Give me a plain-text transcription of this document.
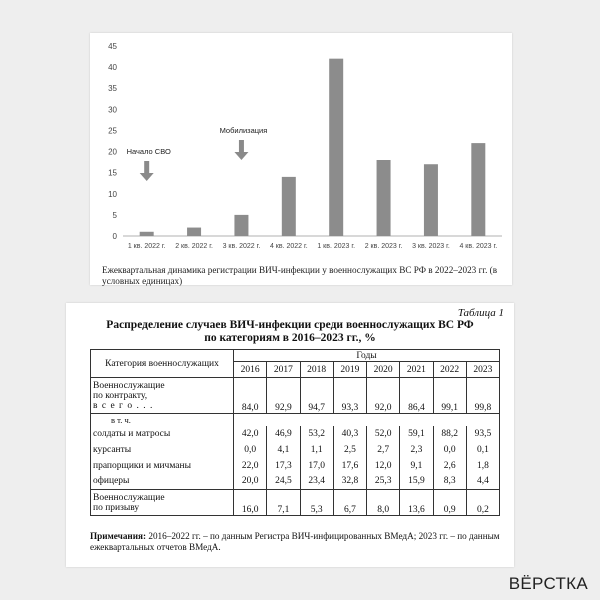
0
5
10
15
20
25
30
35
40
45
1 кв. 2022 г. 2 кв. 2022 г. 3 кв. 2022 г. 4 кв. 2022 г. 1 кв. 2023 г. 2 кв. 2023 г. 3 кв. 2023 г. 4 кв. 2023 г.
Начало СВО
Мобилизация
Ежеквартальная динамика регистрации ВИЧ-инфекции у военнослужащих ВС РФ в 2022–2023 гг. (в условных единицах)
Таблица 1
Распределение случаев ВИЧ-инфекции среди военнослужащих ВС РФ
по категориям в 2016–2023 гг., %
Категория военнослужащих	Годы							
	2016	2017	2018	2019	2020	2021	2022	2023

Военнослужащие
по контракту,
в с е г о . . .	84,0	92,9	94,7	93,3	92,0	86,4	99,1	99,8
в т. ч.								
солдаты и матросы	42,0	46,9	53,2	40,3	52,0	59,1	88,2	93,5
курсанты	0,0	4,1	1,1	2,5	2,7	2,3	0,0	0,1
прапорщики и мичманы	22,0	17,3	17,0	17,6	12,0	9,1	2,6	1,8
офицеры	20,0	24,5	23,4	32,8	25,3	15,9	8,3	4,4

Военнослужащие
по призыву	16,0	7,1	5,3	6,7	8,0	13,6	0,9	0,2
Примечания: 2016–2022 гг. – по данным Регистра ВИЧ-инфицированных ВМедА; 2023 гг. – по данным ежеквартальных отчетов ВМедА.
ВЁРСТКА
